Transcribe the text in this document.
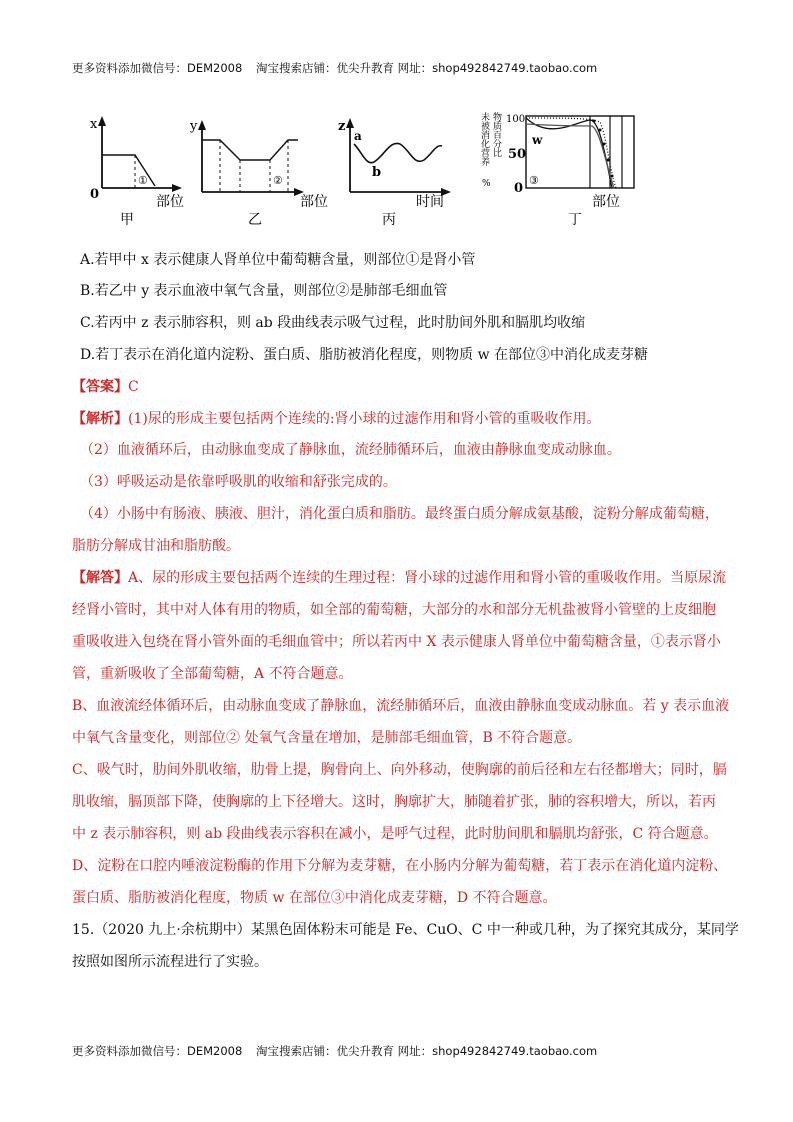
更多资料添加微信号：DEM2008 淘宝搜索店铺：优尖升教育 网址：shop492842749.taobao.com
x
0
①
部位
甲
y
②
部位
乙
z
a
b
时间
丙
未被消化营养 物质百分比
%
100
50
0
w
③
部位
丁
A.若甲中 x 表示健康人肾单位中葡萄糖含量，则部位①是肾小管
B.若乙中 y 表示血液中氧气含量，则部位②是肺部毛细血管
C.若丙中 z 表示肺容积，则 ab 段曲线表示吸气过程，此时肋间外肌和膈肌均收缩
D.若丁表示在消化道内淀粉、蛋白质、脂肪被消化程度，则物质 w 在部位③中消化成麦芽糖
【答案】C
【解析】(1)尿的形成主要包括两个连续的:肾小球的过滤作用和肾小管的重吸收作用。
（2）血液循环后，由动脉血变成了静脉血，流经肺循环后，血液由静脉血变成动脉血。
（3）呼吸运动是依靠呼吸肌的收缩和舒张完成的。
（4）小肠中有肠液、胰液、胆汁，消化蛋白质和脂肪。最终蛋白质分解成氨基酸，淀粉分解成葡萄糖，
脂肪分解成甘油和脂肪酸。
【解答】A、尿的形成主要包括两个连续的生理过程：肾小球的过滤作用和肾小管的重吸收作用。当原尿流
经肾小管时，其中对人体有用的物质，如全部的葡萄糖，大部分的水和部分无机盐被肾小管壁的上皮细胞
重吸收进入包绕在肾小管外面的毛细血管中；所以若丙中 X 表示健康人肾单位中葡萄糖含量，①表示肾小
管，重新吸收了全部葡萄糖，A 不符合题意。
B、血液流经体循环后，由动脉血变成了静脉血，流经肺循环后，血液由静脉血变成动脉血。若 y 表示血液
中氧气含量变化，则部位② 处氧气含量在增加，是肺部毛细血管，B 不符合题意。
C、吸气时，肋间外肌收缩，肋骨上提，胸骨向上、向外移动，使胸廓的前后径和左右径都增大；同时，膈
肌收缩，膈顶部下降，使胸廓的上下径增大。这时，胸廓扩大，肺随着扩张，肺的容积增大，所以，若丙
中 z 表示肺容积，则 ab 段曲线表示容积在减小，是呼气过程，此时肋间肌和膈肌均舒张，C 符合题意。
D、淀粉在口腔内唾液淀粉酶的作用下分解为麦芽糖，在小肠内分解为葡萄糖，若丁表示在消化道内淀粉、
蛋白质、脂肪被消化程度，物质 w 在部位③中消化成麦芽糖，D 不符合题意。
15.（2020 九上·余杭期中）某黑色固体粉末可能是 Fe、CuO、C 中一种或几种，为了探究其成分，某同学
按照如图所示流程进行了实验。
更多资料添加微信号：DEM2008 淘宝搜索店铺：优尖升教育 网址：shop492842749.taobao.com
